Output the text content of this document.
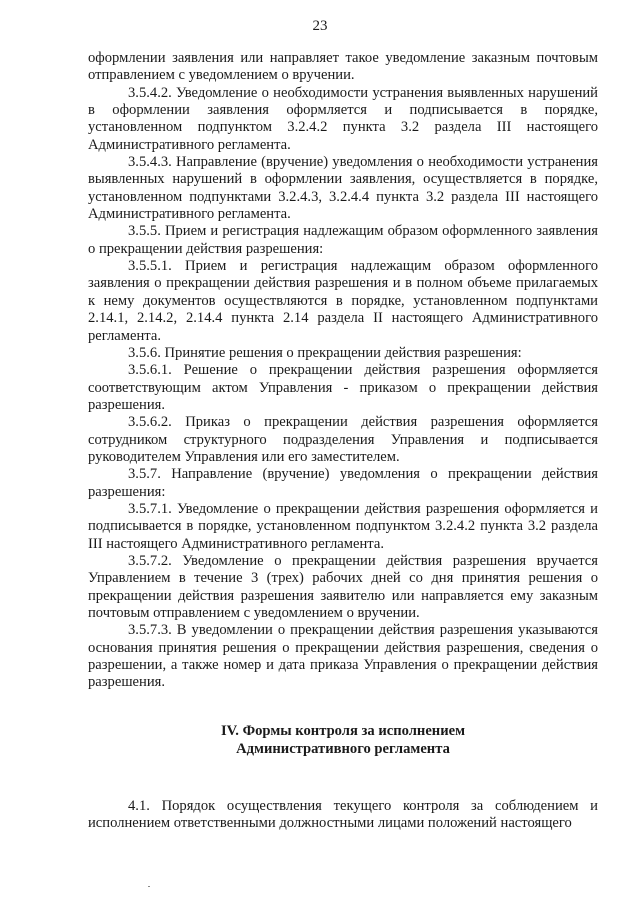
23

оформлении заявления или направляет такое уведомление заказным почтовым отправлением с уведомлением о вручении.

3.5.4.2. Уведомление о необходимости устранения выявленных нарушений в оформлении заявления оформляется и подписывается в порядке, установленном подпунктом 3.2.4.2 пункта 3.2 раздела III настоящего Административного регламента.

3.5.4.3. Направление (вручение) уведомления о необходимости устранения выявленных нарушений в оформлении заявления, осуществляется в порядке, установленном подпунктами 3.2.4.3, 3.2.4.4 пункта 3.2 раздела III настоящего Административного регламента.

3.5.5. Прием и регистрация надлежащим образом оформленного заявления о прекращении действия разрешения:

3.5.5.1. Прием и регистрация надлежащим образом оформленного заявления о прекращении действия разрешения и в полном объеме прилагаемых к нему документов осуществляются в порядке, установленном подпунктами 2.14.1, 2.14.2, 2.14.4 пункта 2.14 раздела II настоящего Административного регламента.

3.5.6. Принятие решения о прекращении действия разрешения:

3.5.6.1. Решение о прекращении действия разрешения оформляется соответствующим актом Управления - приказом о прекращении действия разрешения.

3.5.6.2. Приказ о прекращении действия разрешения оформляется сотрудником структурного подразделения Управления и подписывается руководителем Управления или его заместителем.

3.5.7. Направление (вручение) уведомления о прекращении действия разрешения:

3.5.7.1. Уведомление о прекращении действия разрешения оформляется и подписывается в порядке, установленном подпунктом 3.2.4.2 пункта 3.2 раздела III настоящего Административного регламента.

3.5.7.2. Уведомление о прекращении действия разрешения вручается Управлением в течение 3 (трех) рабочих дней со дня принятия решения о прекращении действия разрешения заявителю или направляется ему заказным почтовым отправлением с уведомлением о вручении.

3.5.7.3. В уведомлении о прекращении действия разрешения указываются основания принятия решения о прекращении действия разрешения, сведения о разрешении, а также номер и дата приказа Управления о прекращении действия разрешения.

IV. Формы контроля за исполнением
Административного регламента

4.1. Порядок осуществления текущего контроля за соблюдением и исполнением ответственными должностными лицами положений настоящего
